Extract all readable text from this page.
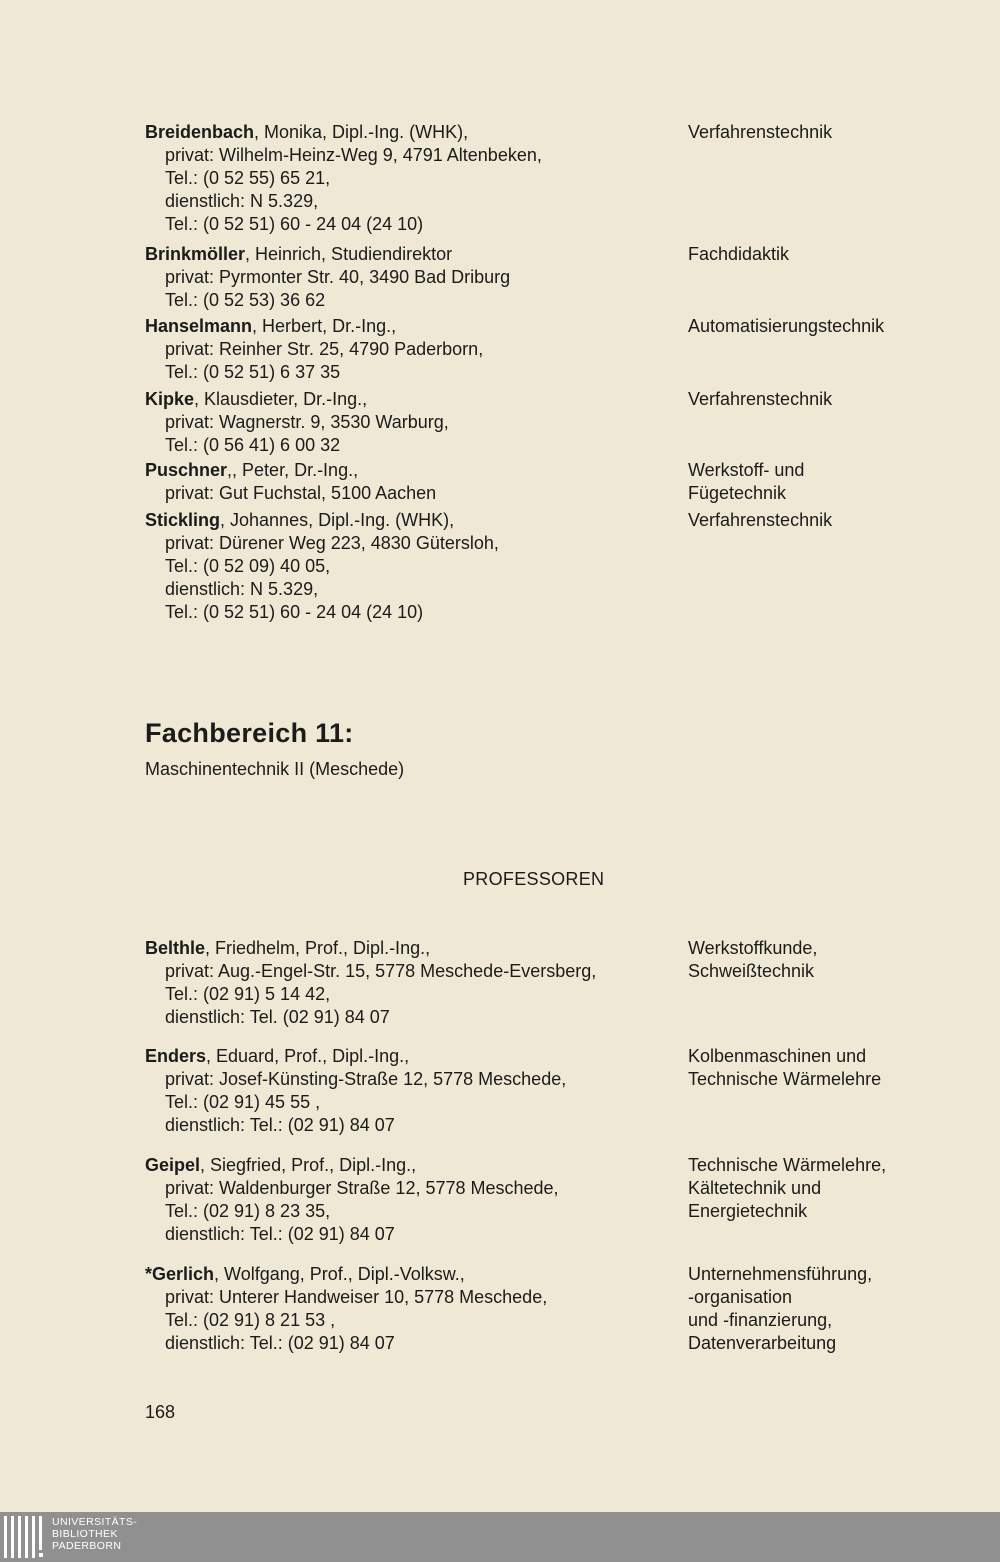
Breidenbach, Monika, Dipl.-Ing. (WHK),
privat: Wilhelm-Heinz-Weg 9, 4791 Altenbeken,
Tel.: (0 52 55) 65 21,
dienstlich: N 5.329,
Tel.: (0 52 51) 60 - 24 04 (24 10)
Verfahrenstechnik
Brinkmöller, Heinrich, Studiendirektor
privat: Pyrmonter Str. 40, 3490 Bad Driburg
Tel.: (0 52 53) 36 62
Fachdidaktik
Hanselmann, Herbert, Dr.-Ing.,
privat: Reinher Str. 25, 4790 Paderborn,
Tel.: (0 52 51) 6 37 35
Automatisierungstechnik
Kipke, Klausdieter, Dr.-Ing.,
privat: Wagnerstr. 9, 3530 Warburg,
Tel.: (0 56 41) 6 00 32
Verfahrenstechnik
Puschner,, Peter, Dr.-Ing.,
privat: Gut Fuchstal, 5100 Aachen
Werkstoff- und
Fügetechnik
Stickling, Johannes, Dipl.-Ing. (WHK),
privat: Dürener Weg 223, 4830 Gütersloh,
Tel.: (0 52 09) 40 05,
dienstlich: N 5.329,
Tel.: (0 52 51) 60 - 24 04 (24 10)
Verfahrenstechnik
Fachbereich 11:
Maschinentechnik II (Meschede)
PROFESSOREN
Belthle, Friedhelm, Prof., Dipl.-Ing.,
privat: Aug.-Engel-Str. 15, 5778 Meschede-Eversberg,
Tel.: (02 91) 5 14 42,
dienstlich: Tel. (02 91) 84 07
Werkstoffkunde,
Schweißtechnik
Enders, Eduard, Prof., Dipl.-Ing.,
privat: Josef-Künsting-Straße 12, 5778 Meschede,
Tel.: (02 91) 45 55 ,
dienstlich: Tel.: (02 91) 84 07
Kolbenmaschinen und
Technische Wärmelehre
Geipel, Siegfried, Prof., Dipl.-Ing.,
privat: Waldenburger Straße 12, 5778 Meschede,
Tel.: (02 91) 8 23 35,
dienstlich: Tel.: (02 91) 84 07
Technische Wärmelehre,
Kältetechnik und
Energietechnik
*Gerlich, Wolfgang, Prof., Dipl.-Volksw.,
privat: Unterer Handweiser 10, 5778 Meschede,
Tel.: (02 91) 8 21 53 ,
dienstlich: Tel.: (02 91) 84 07
Unternehmensführung,
-organisation
und -finanzierung,
Datenverarbeitung
168
UNIVERSITÄTS-
BIBLIOTHEK
PADERBORN
